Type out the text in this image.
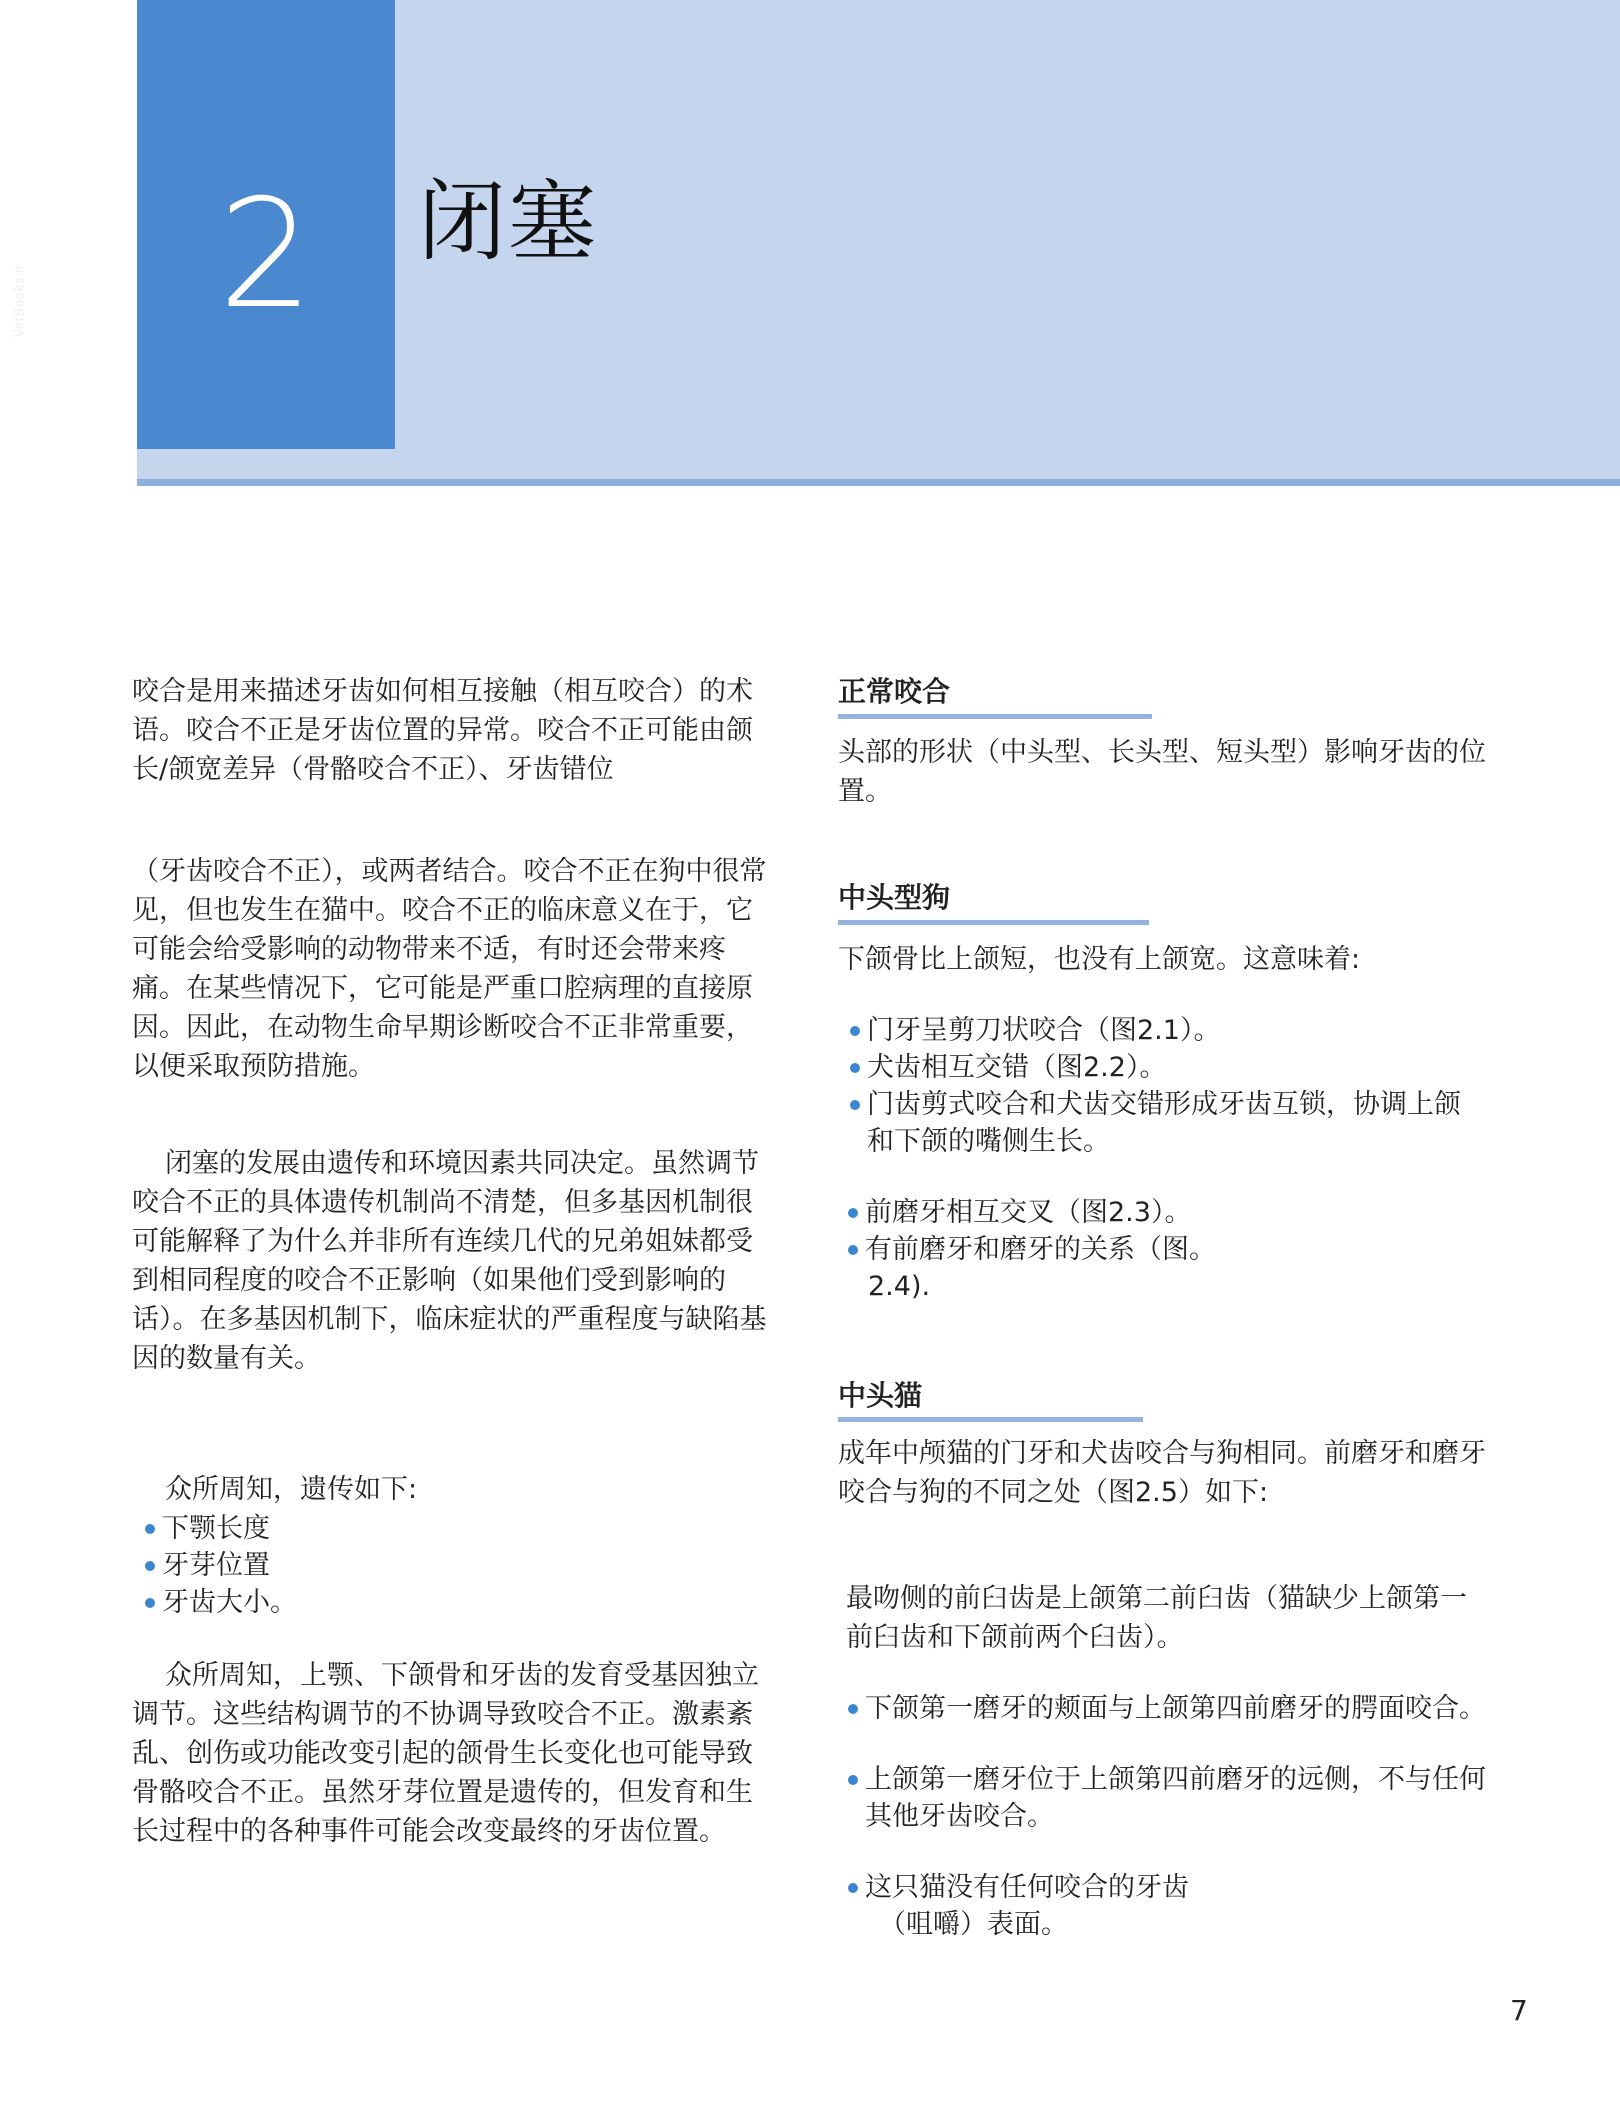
2	闭塞
VetBooks.ir

咬合是用来描述牙齿如何相互接触（相互咬合）的术语。咬合不正是牙齿位置的异常。咬合不正可能由颌长/颌宽差异（骨骼咬合不正）、牙齿错位

（牙齿咬合不正），或两者结合。咬合不正在狗中很常见，但也发生在猫中。咬合不正的临床意义在于，它可能会给受影响的动物带来不适，有时还会带来疼痛。在某些情况下，它可能是严重口腔病理的直接原因。因此，在动物生命早期诊断咬合不正非常重要，以便采取预防措施。

闭塞的发展由遗传和环境因素共同决定。虽然调节咬合不正的具体遗传机制尚不清楚，但多基因机制很可能解释了为什么并非所有连续几代的兄弟姐妹都受到相同程度的咬合不正影响（如果他们受到影响的话）。在多基因机制下，临床症状的严重程度与缺陷基因的数量有关。

众所周知，遗传如下:

下颚长度
牙芽位置
牙齿大小。

众所周知，上颚、下颌骨和牙齿的发育受基因独立调节。这些结构调节的不协调导致咬合不正。激素紊乱、创伤或功能改变引起的颌骨生长变化也可能导致骨骼咬合不正。虽然牙芽位置是遗传的，但发育和生长过程中的各种事件可能会改变最终的牙齿位置。

正常咬合

头部的形状（中头型、长头型、短头型）影响牙齿的位置。

中头型狗

下颌骨比上颌短，也没有上颌宽。这意味着:

门牙呈剪刀状咬合（图2.1）。
犬齿相互交错（图2.2）。
门齿剪式咬合和犬齿交错形成牙齿互锁，协调上颌和下颌的嘴侧生长。
前磨牙相互交叉（图2.3）。
有前磨牙和磨牙的关系（图。
2.4).
中头猫

成年中颅猫的门牙和犬齿咬合与狗相同。前磨牙和磨牙咬合与狗的不同之处（图2.5）如下:

最吻侧的前臼齿是上颌第二前臼齿（猫缺少上颌第一前臼齿和下颌前两个臼齿）。

下颌第一磨牙的颊面与上颌第四前磨牙的腭面咬合。
上颌第一磨牙位于上颌第四前磨牙的远侧，不与任何其他牙齿咬合。
这只猫没有任何咬合的牙齿
（咀嚼）表面。
7
